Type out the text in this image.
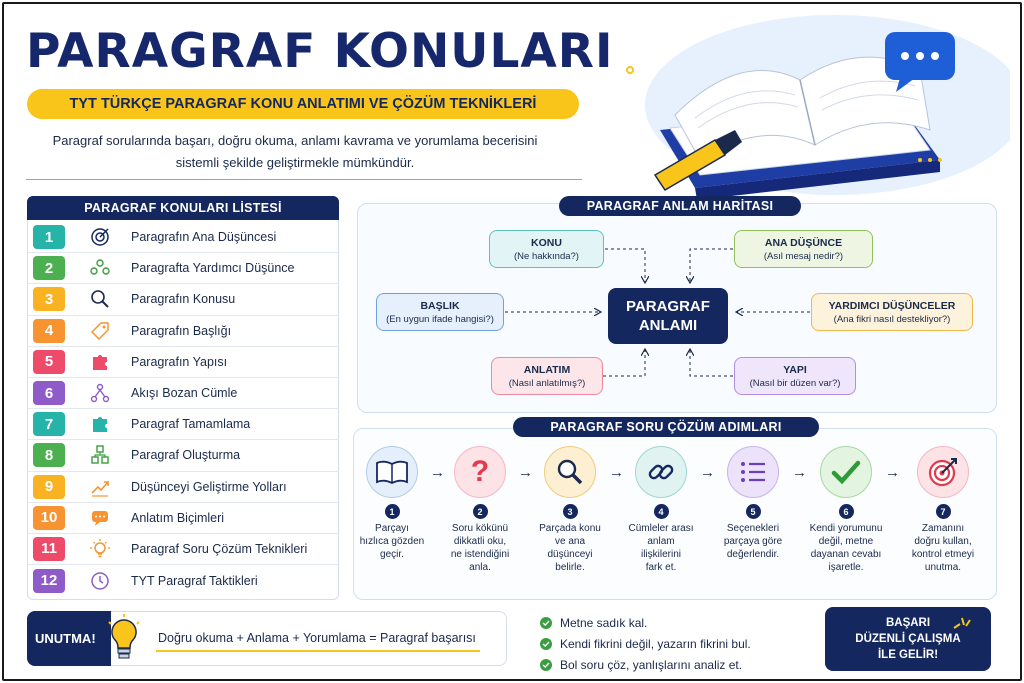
PARAGRAF KONULARI
TYT TÜRKÇE PARAGRAF KONU ANLATIMI VE ÇÖZÜM TEKNİKLERİ
Paragraf sorularında başarı, doğru okuma, anlamı kavrama ve yorumlama becerisini
sistemli şekilde geliştirmekle mümkündür.
PARAGRAF KONULARI LİSTESİ
1	Paragrafın Ana Düşüncesi
2	Paragrafta Yardımcı Düşünce
3	Paragrafın Konusu
4	Paragrafın Başlığı
5	Paragrafın Yapısı
6	Akışı Bozan Cümle
7	Paragraf Tamamlama
8	Paragraf Oluşturma
9	Düşünceyi Geliştirme Yolları
10	Anlatım Biçimleri
11	Paragraf Soru Çözüm Teknikleri
12	TYT Paragraf Taktikleri
PARAGRAF ANLAM HARİTASI
KONU
(Ne hakkında?)
ANA DÜŞÜNCE
(Asıl mesaj nedir?)
BAŞLIK
(En uygun ifade hangisi?)
PARAGRAF
ANLAMI
YARDIMCI DÜŞÜNCELER
(Ana fikri nasıl destekliyor?)
ANLATIM
(Nasıl anlatılmış?)
YAPI
(Nasıl bir düzen var?)
PARAGRAF SORU ÇÖZÜM ADIMLARI
1
Parçayı
hızlıca gözden
geçir.
→ ?
2
Soru kökünü
dikkatli oku,
ne istendiğini
anla.
→
3
Parçada konu
ve ana
düşünceyi
belirle.
→
4
Cümleler arası
anlam
ilişkilerini
fark et.
→
5
Seçenekleri
parçaya göre
değerlendir.
→
6
Kendi yorumunu
değil, metne
dayanan cevabı
işaretle.
→
7
Zamanını
doğru kullan,
kontrol etmeyi
unutma.
UNUTMA!	Doğru okuma + Anlama + Yorumlama = Paragraf başarısı
Metne sadık kal.
Kendi fikrini değil, yazarın fikrini bul.
Bol soru çöz, yanlışlarını analiz et.
BAŞARI
DÜZENLİ ÇALIŞMA
İLE GELİR!
